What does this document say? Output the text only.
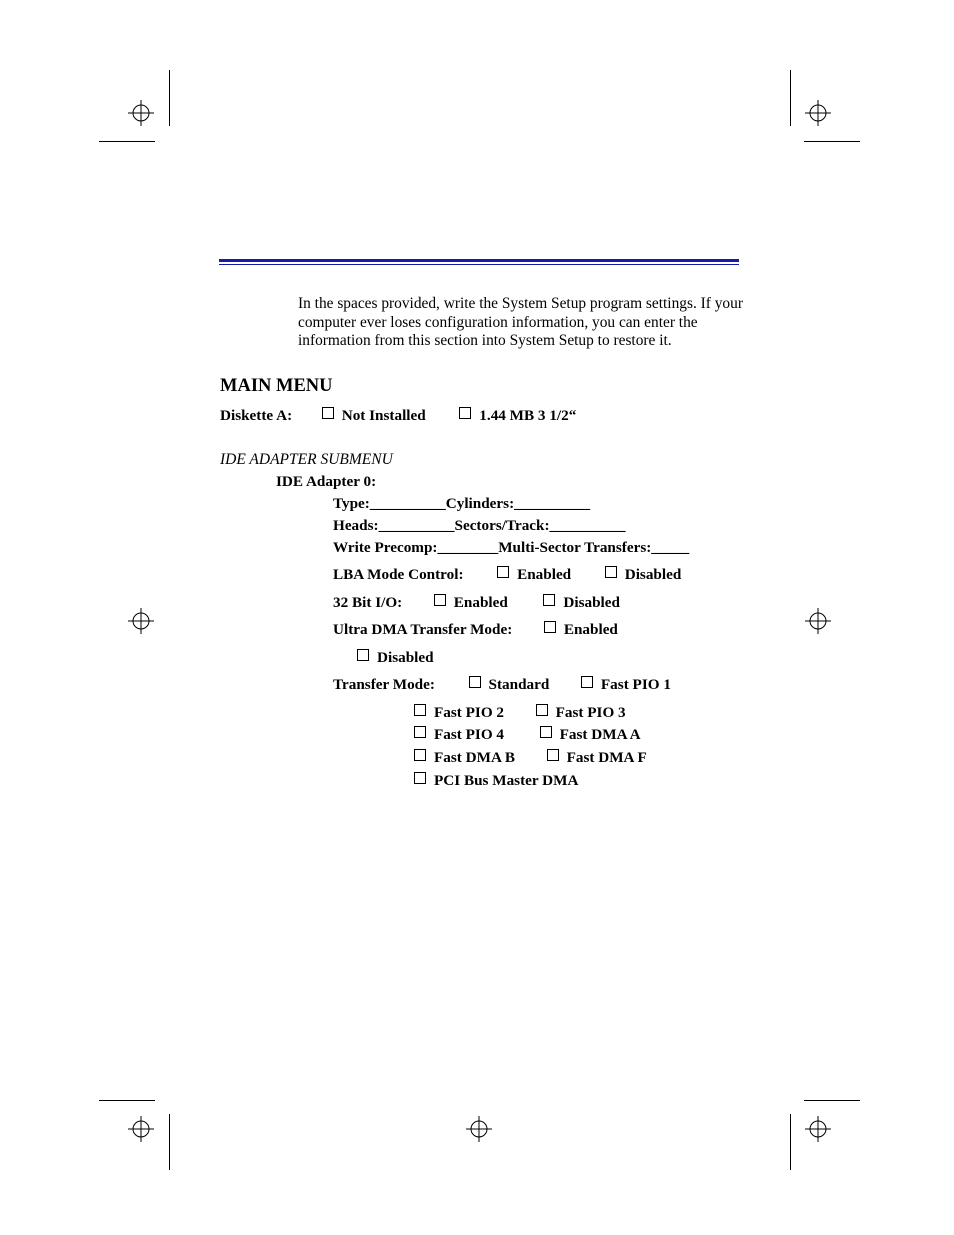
In the spaces provided, write the System Setup program settings. If your computer ever loses configuration information, you can enter the information from this section into System Setup to restore it.

MAIN MENU
Diskette A:	Not Installed	1.44 MB 3 1/2“
IDE ADAPTER SUBMENU
IDE Adapter 0:
Type:__________Cylinders:__________
Heads:__________Sectors/Track:__________
Write Precomp:________Multi-Sector Transfers:_____
LBA Mode Control:	Enabled	Disabled
32 Bit I/O:	Enabled	Disabled
Ultra DMA Transfer Mode:	Enabled
Disabled
Transfer Mode:	Standard	Fast PIO 1
Fast PIO 2	Fast PIO 3
Fast PIO 4	Fast DMA A
Fast DMA B	Fast DMA F
PCI Bus Master DMA
